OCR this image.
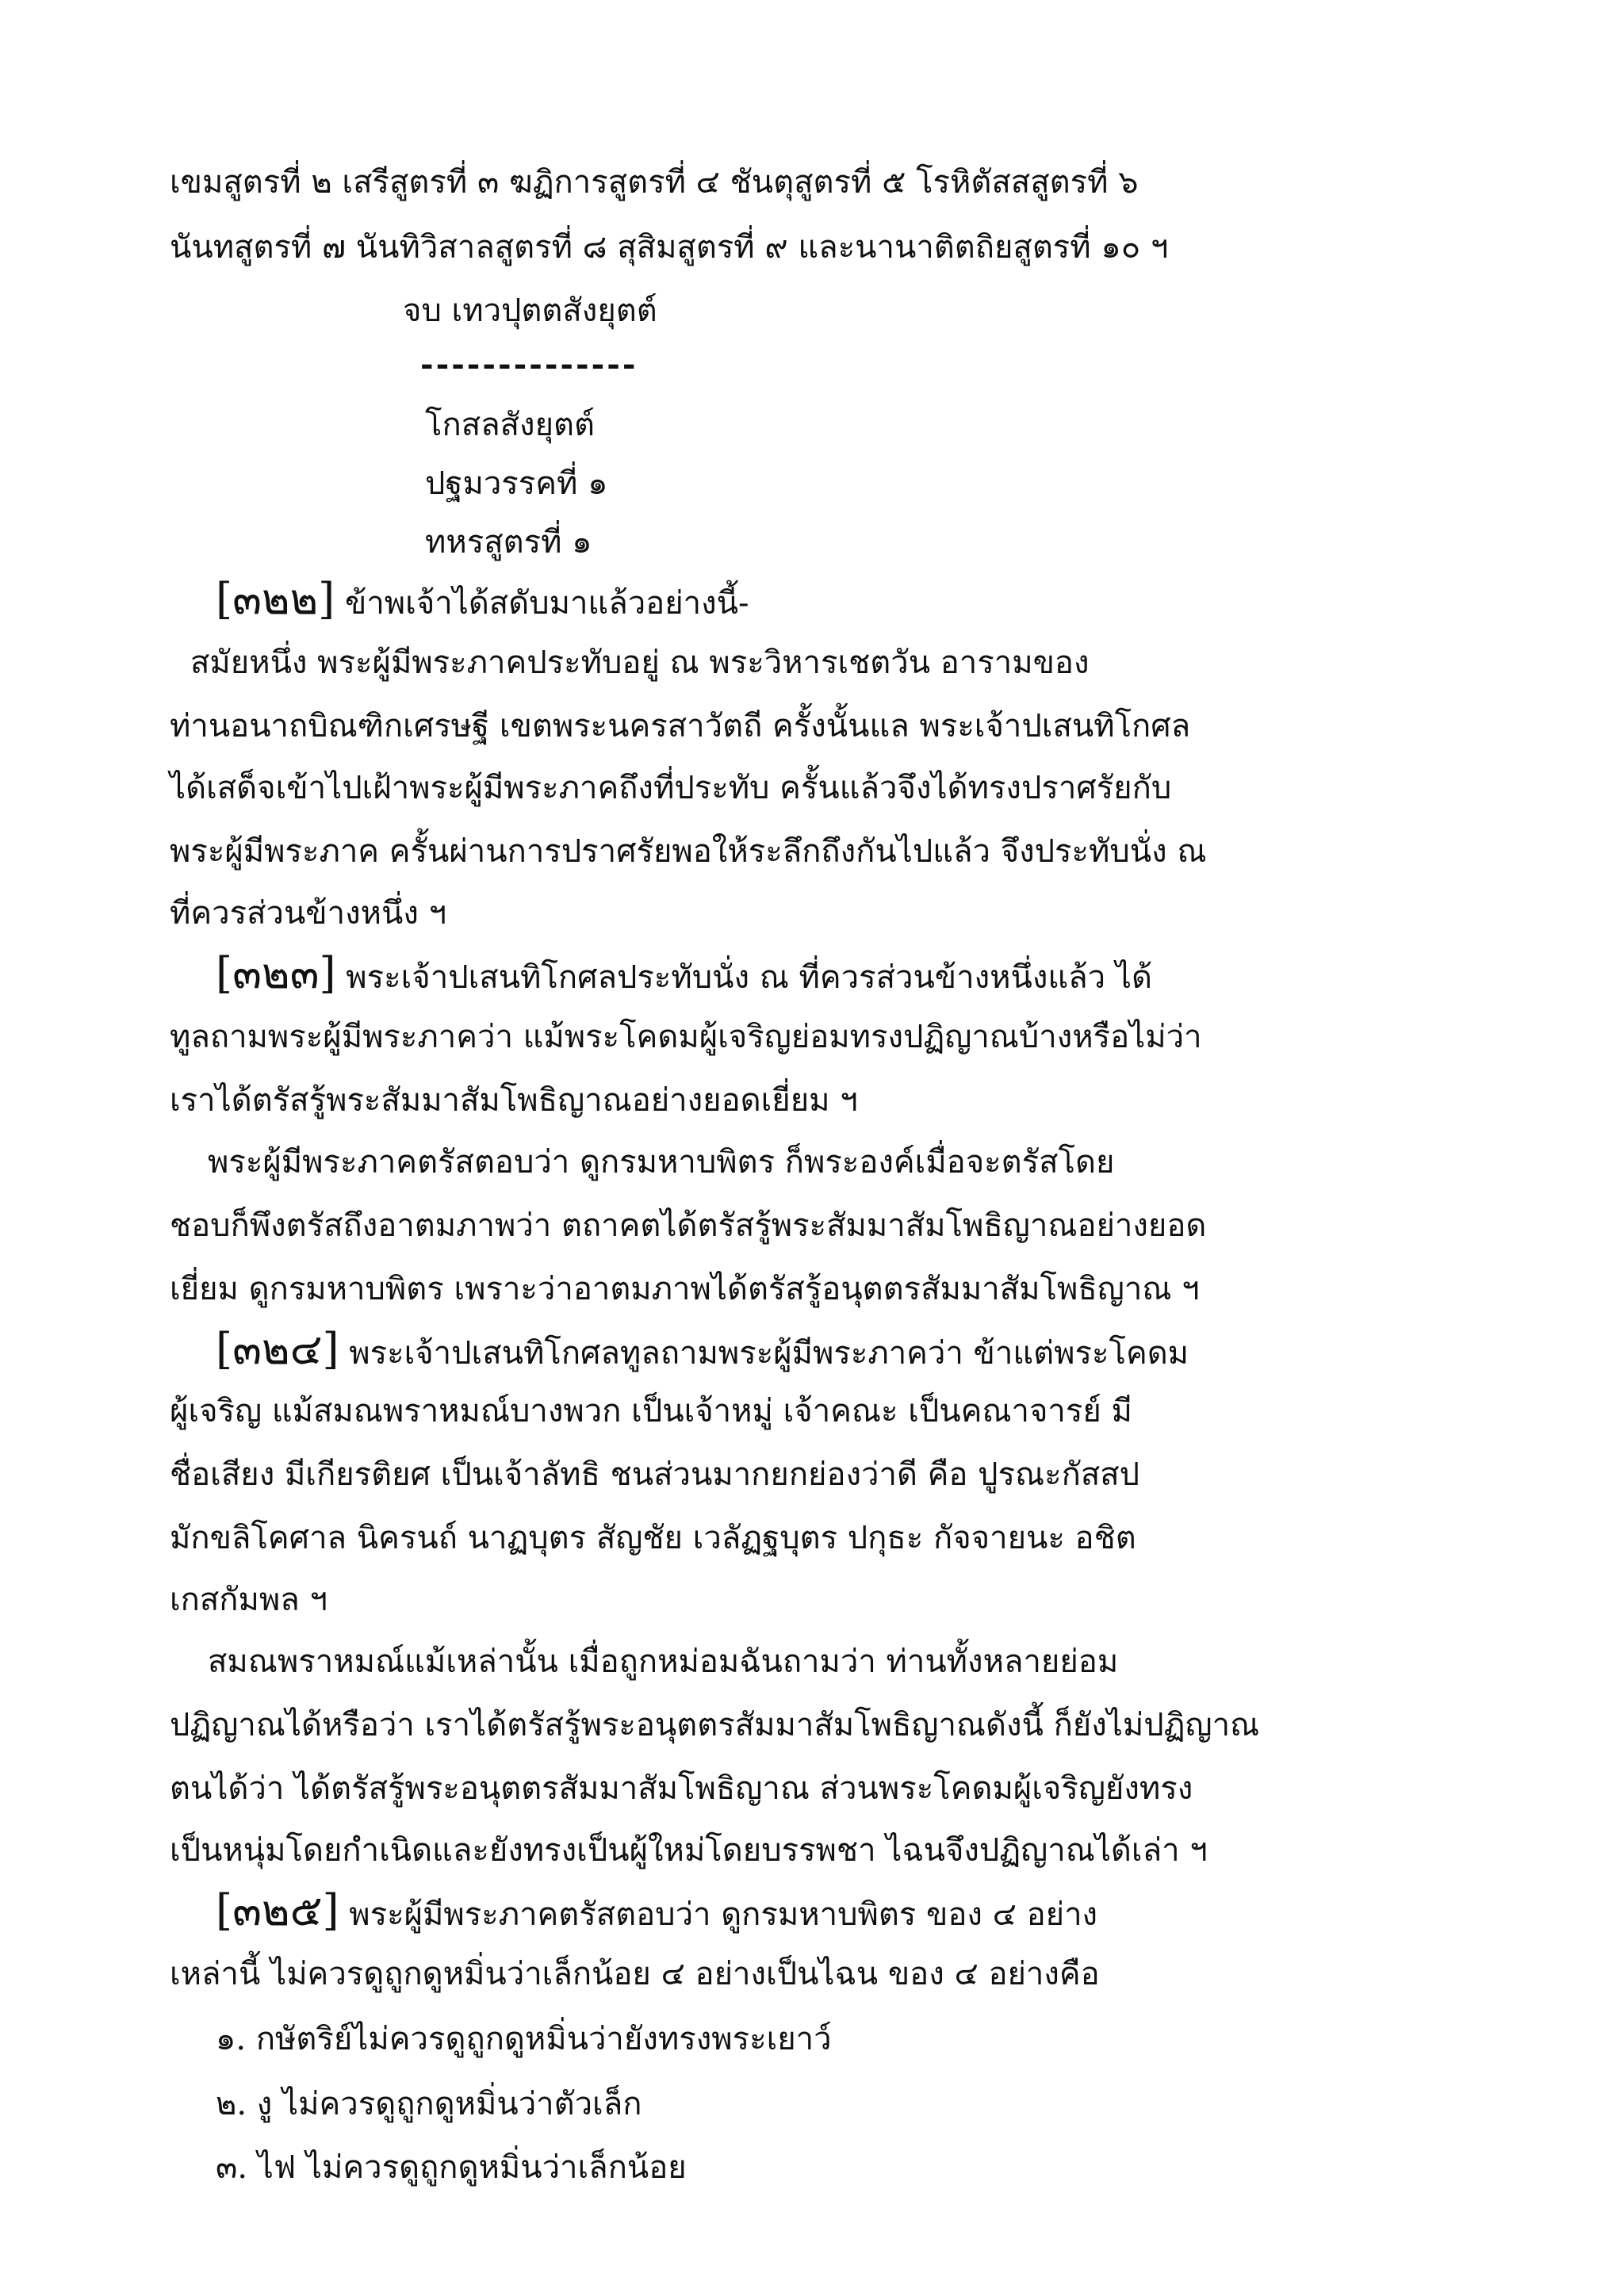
เขมสูตรที่ ๒ เสรีสูตรที่ ๓ ฆฏิการสูตรที่ ๔ ชันตุสูตรที่ ๕ โรหิตัสสสูตรที่ ๖
นันทสูตรที่ ๗ นันทิวิสาลสูตรที่ ๘ สุสิมสูตรที่ ๙ และนานาติตถิยสูตรที่ ๑๐ ฯ
จบ เทวปุตตสังยุตต์
--------------
โกสลสังยุตต์
ปฐมวรรคที่ ๑
ทหรสูตรที่ ๑
[๓๒๒] ข้าพเจ้าได้สดับมาแล้วอย่างนี้-
สมัยหนึ่ง พระผู้มีพระภาคประทับอยู่ ณ พระวิหารเชตวัน อารามของ
ท่านอนาถบิณฑิกเศรษฐี เขตพระนครสาวัตถี ครั้งนั้นแล พระเจ้าปเสนทิโกศล
ได้เสด็จเข้าไปเฝ้าพระผู้มีพระภาคถึงที่ประทับ ครั้นแล้วจึงได้ทรงปราศรัยกับ
พระผู้มีพระภาค ครั้นผ่านการปราศรัยพอให้ระลึกถึงกันไปแล้ว จึงประทับนั่ง ณ
ที่ควรส่วนข้างหนึ่ง ฯ
[๓๒๓] พระเจ้าปเสนทิโกศลประทับนั่ง ณ ที่ควรส่วนข้างหนึ่งแล้ว ได้
ทูลถามพระผู้มีพระภาคว่า แม้พระโคดมผู้เจริญย่อมทรงปฏิญาณบ้างหรือไม่ว่า
เราได้ตรัสรู้พระสัมมาสัมโพธิญาณอย่างยอดเยี่ยม ฯ
พระผู้มีพระภาคตรัสตอบว่า ดูกรมหาบพิตร ก็พระองค์เมื่อจะตรัสโดย
ชอบก็พึงตรัสถึงอาตมภาพว่า ตถาคตได้ตรัสรู้พระสัมมาสัมโพธิญาณอย่างยอด
เยี่ยม ดูกรมหาบพิตร เพราะว่าอาตมภาพได้ตรัสรู้อนุตตรสัมมาสัมโพธิญาณ ฯ
[๓๒๔] พระเจ้าปเสนทิโกศลทูลถามพระผู้มีพระภาคว่า ข้าแต่พระโคดม
ผู้เจริญ แม้สมณพราหมณ์บางพวก เป็นเจ้าหมู่ เจ้าคณะ เป็นคณาจารย์ มี
ชื่อเสียง มีเกียรติยศ เป็นเจ้าลัทธิ ชนส่วนมากยกย่องว่าดี คือ ปูรณะกัสสป
มักขลิโคศาล นิครนถ์ นาฏบุตร สัญชัย เวลัฏฐบุตร ปกุธะ กัจจายนะ อชิต
เกสกัมพล ฯ
สมณพราหมณ์แม้เหล่านั้น เมื่อถูกหม่อมฉันถามว่า ท่านทั้งหลายย่อม
ปฏิญาณได้หรือว่า เราได้ตรัสรู้พระอนุตตรสัมมาสัมโพธิญาณดังนี้ ก็ยังไม่ปฏิญาณ
ตนได้ว่า ได้ตรัสรู้พระอนุตตรสัมมาสัมโพธิญาณ ส่วนพระโคดมผู้เจริญยังทรง
เป็นหนุ่มโดยกำเนิดและยังทรงเป็นผู้ใหม่โดยบรรพชา ไฉนจึงปฏิญาณได้เล่า ฯ
[๓๒๕] พระผู้มีพระภาคตรัสตอบว่า ดูกรมหาบพิตร ของ ๔ อย่าง
เหล่านี้ ไม่ควรดูถูกดูหมิ่นว่าเล็กน้อย ๔ อย่างเป็นไฉน ของ ๔ อย่างคือ
๑. กษัตริย์ไม่ควรดูถูกดูหมิ่นว่ายังทรงพระเยาว์
๒. งู ไม่ควรดูถูกดูหมิ่นว่าตัวเล็ก
๓. ไฟ ไม่ควรดูถูกดูหมิ่นว่าเล็กน้อย
